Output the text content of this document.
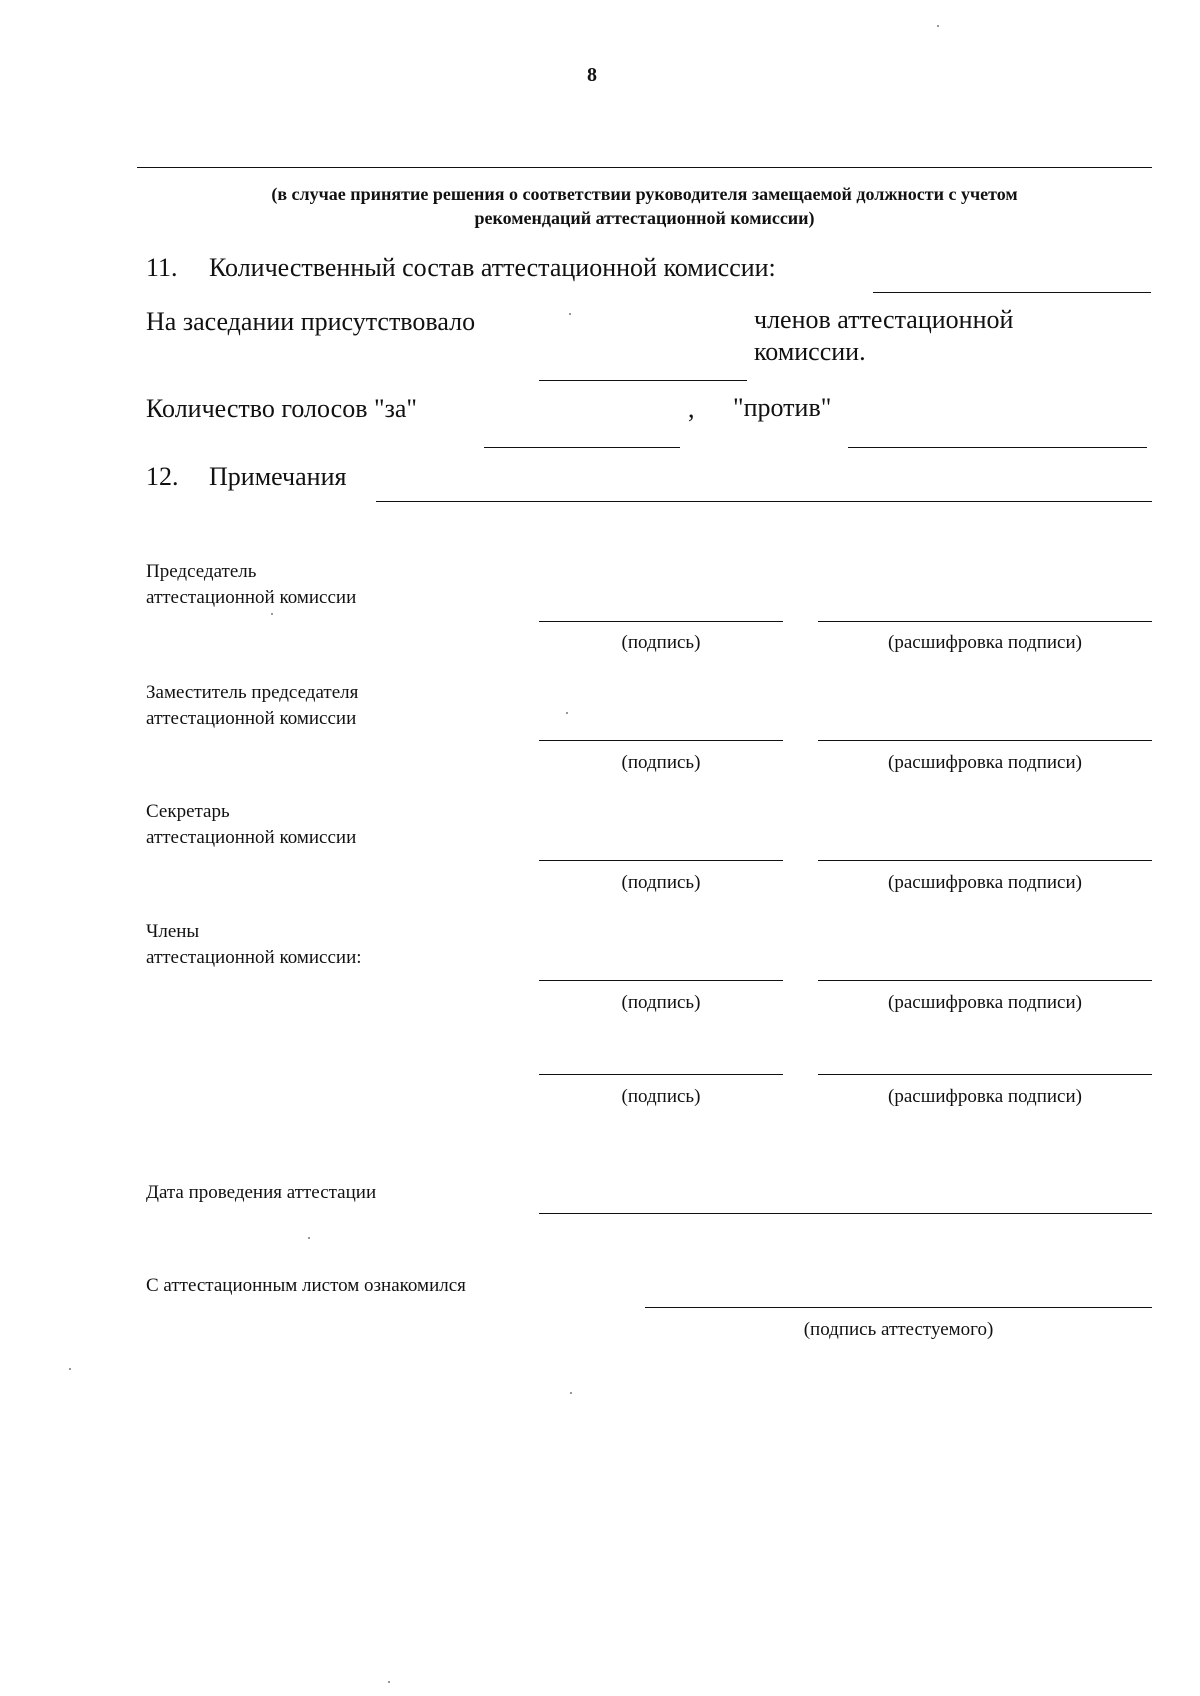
8
(в случае принятие решения о соответствии руководителя замещаемой должности с учетом
рекомендаций аттестационной комиссии)
11. Количественный состав аттестационной комиссии:
На заседании присутствовало	членов аттестационной
комиссии.
Количество голосов "за"	, "против"
12. Примечания
Председатель
аттестационной комиссии
(подпись)	(расшифровка подписи)
Заместитель председателя
аттестационной комиссии
(подпись)	(расшифровка подписи)
Секретарь
аттестационной комиссии
(подпись)	(расшифровка подписи)
Члены
аттестационной комиссии:
(подпись)	(расшифровка подписи)
(подпись)	(расшифровка подписи)
Дата проведения аттестации
С аттестационным листом ознакомился
(подпись аттестуемого)
